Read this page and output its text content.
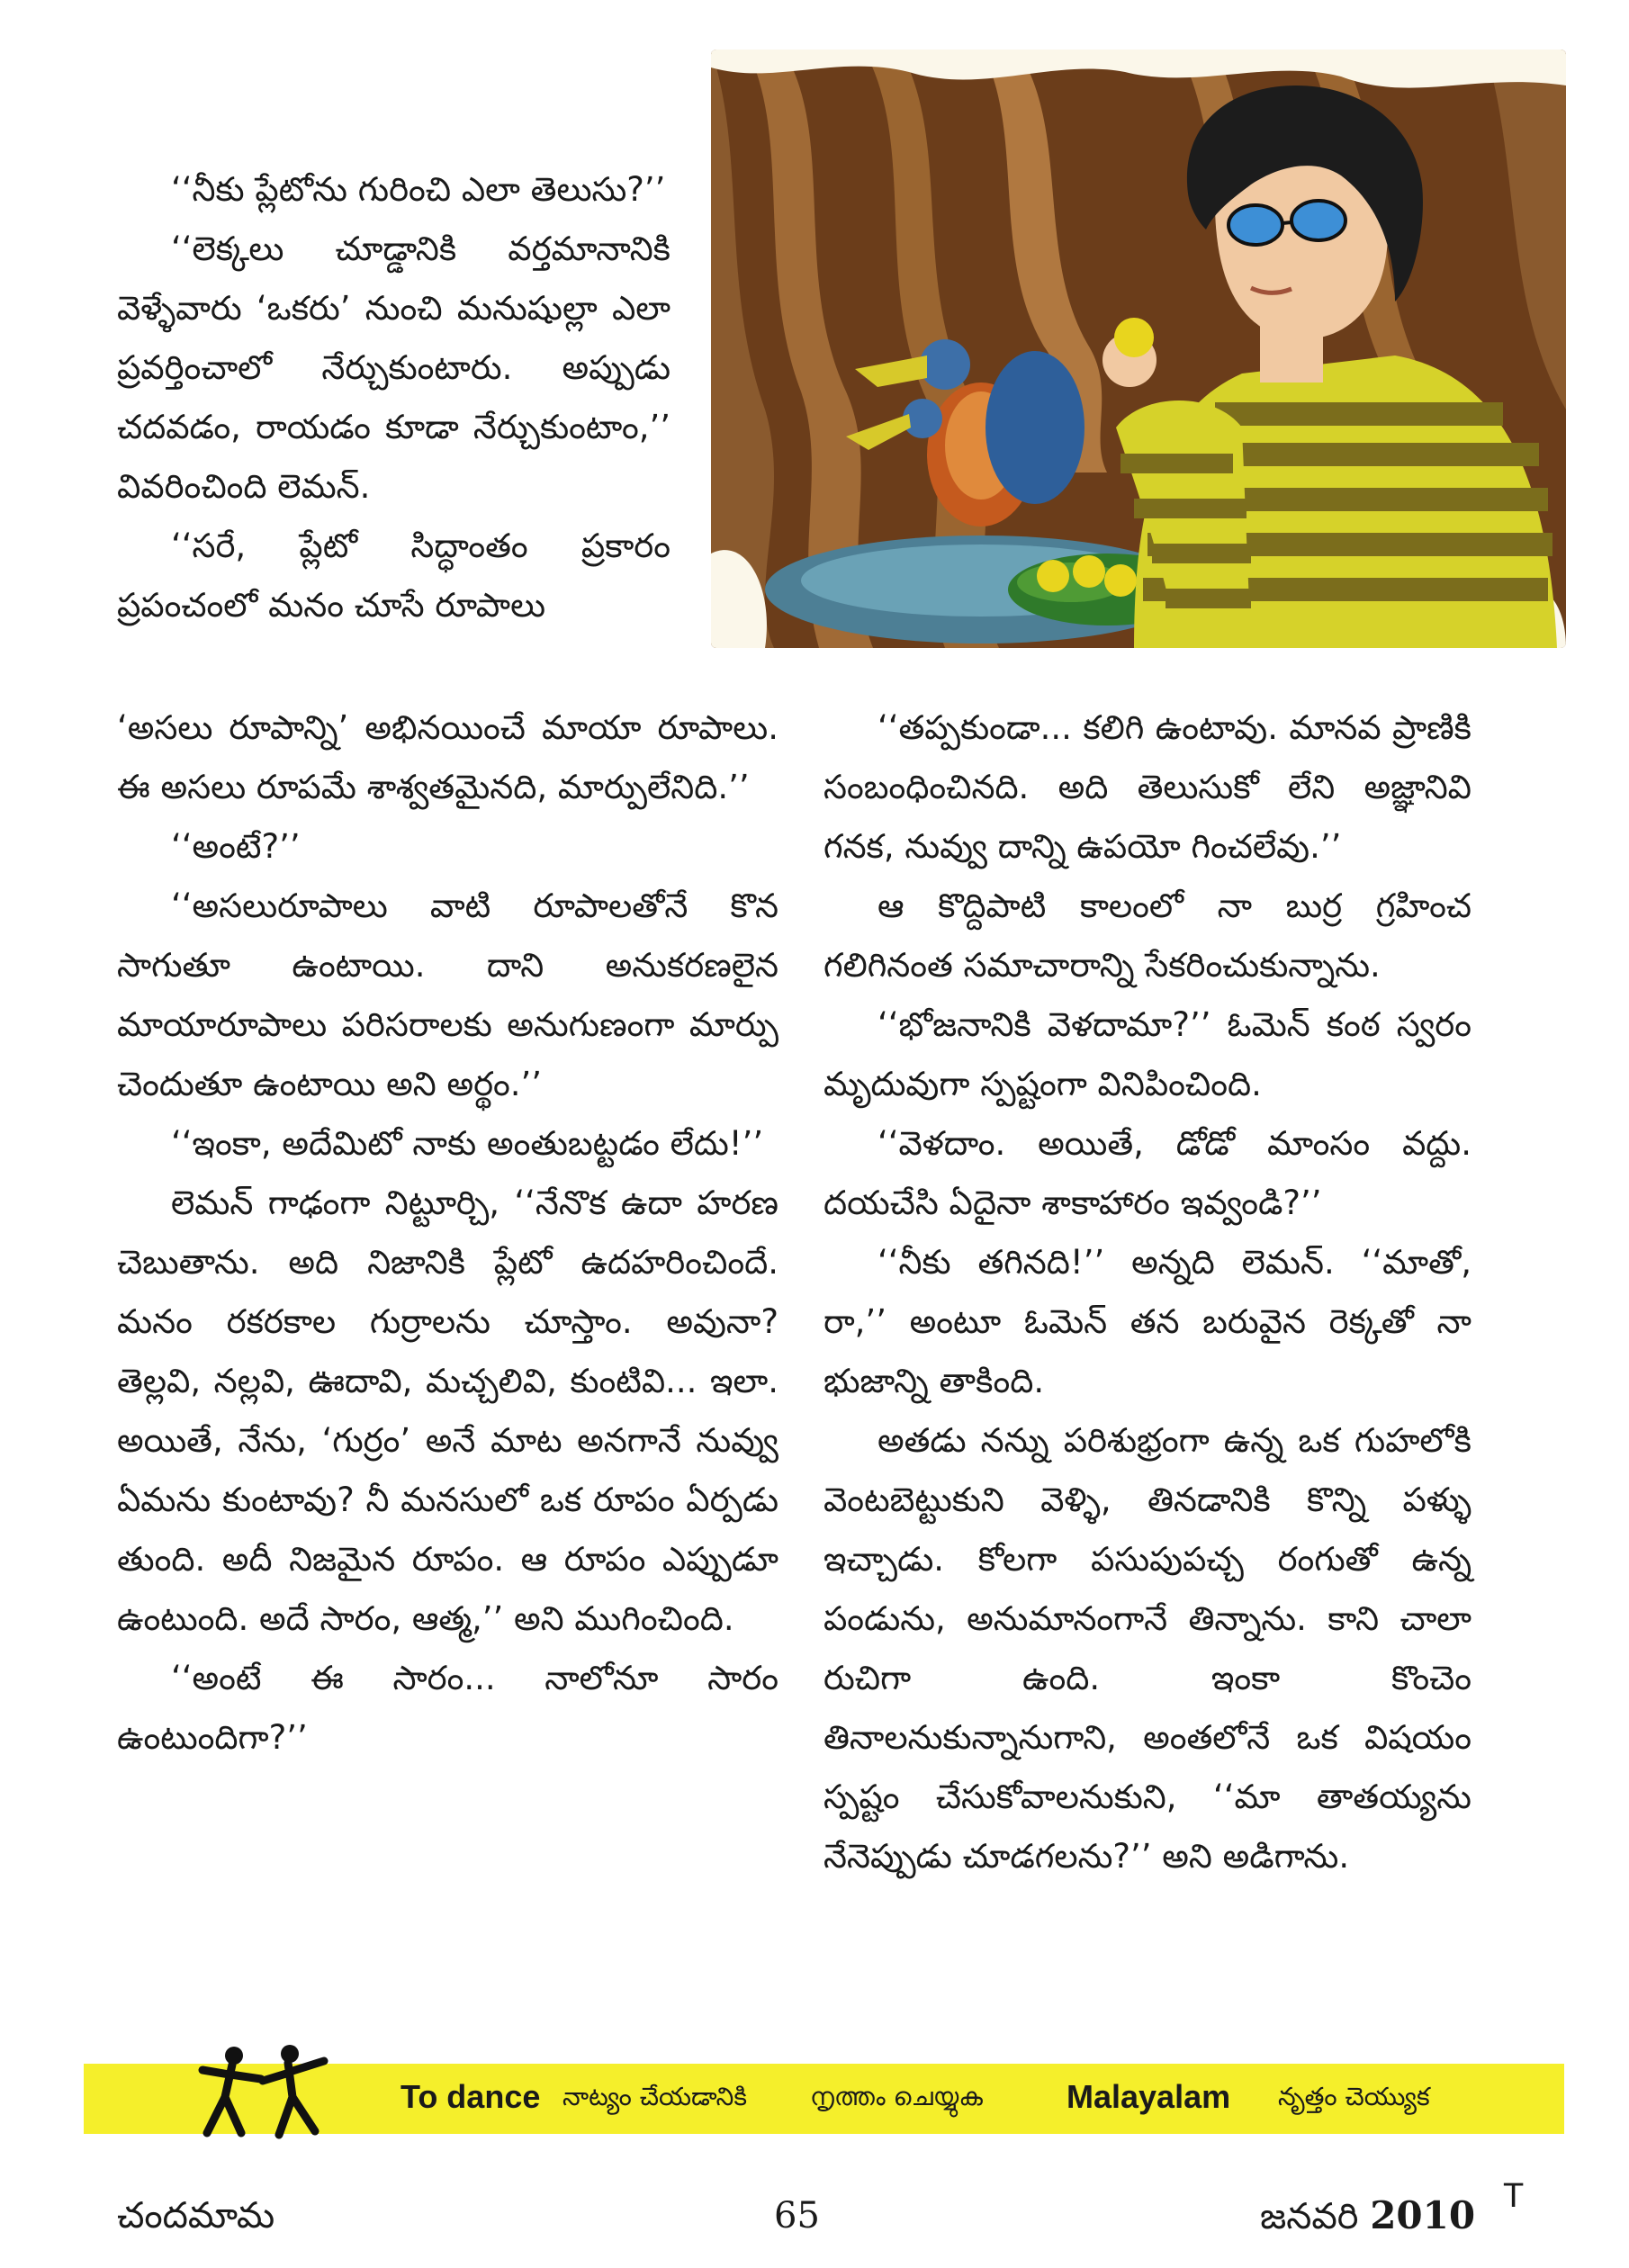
‘‘నీకు ప్లేటోను గురించి ఎలా తెలుసు?’’

‘‘లెక్కలు చూడ్డానికి వర్తమానానికి వెళ్ళేవారు ‘ఒకరు’ నుంచి మనుషుల్లా ఎలా ప్రవర్తించాలో నేర్చుకుంటారు. అప్పుడు చదవడం, రాయడం కూడా నేర్చుకుంటాం,’’ వివరించింది లెమన్.

‘‘సరే, ప్లేటో సిద్ధాంతం ప్రకారం ప్రపంచంలో మనం చూసే రూపాలు

‘అసలు రూపాన్ని’ అభినయించే మాయా రూపాలు. ఈ అసలు రూపమే శాశ్వతమైనది, మార్పులేనిది.’’

‘‘అంటే?’’

‘‘అసలురూపాలు వాటి రూపాలతోనే కొన సాగుతూ ఉంటాయి. దాని అనుకరణలైన మాయారూపాలు పరిసరాలకు అనుగుణంగా మార్పు చెందుతూ ఉంటాయి అని అర్థం.’’

‘‘ఇంకా, అదేమిటో నాకు అంతుబట్టడం లేదు!’’

లెమన్ గాఢంగా నిట్టూర్చి, ‘‘నేనొక ఉదా హరణ చెబుతాను. అది నిజానికి ప్లేటో ఉదహరించిందే. మనం రకరకాల గుర్రాలను చూస్తాం. అవునా? తెల్లవి, నల్లవి, ఊదావి, మచ్చలివి, కుంటివి... ఇలా. అయితే, నేను, ‘గుర్రం’ అనే మాట అనగానే నువ్వు ఏమను కుంటావు? నీ మనసులో ఒక రూపం ఏర్పడు తుంది. అదీ నిజమైన రూపం. ఆ రూపం ఎప్పుడూ ఉంటుంది. అదే సారం, ఆత్మ,’’ అని ముగించింది.

‘‘అంటే ఈ సారం... నాలోనూ సారం ఉంటుందిగా?’’

‘‘తప్పకుండా... కలిగి ఉంటావు. మానవ ప్రాణికి సంబంధించినది. అది తెలుసుకో లేని అజ్ఞానివి గనక, నువ్వు దాన్ని ఉపయో గించలేవు.’’

ఆ కొద్దిపాటి కాలంలో నా బుర్ర గ్రహించ గలిగినంత సమాచారాన్ని సేకరించుకున్నాను.

‘‘భోజనానికి వెళదామా?’’ ఓమెన్ కంఠ స్వరం మృదువుగా స్పష్టంగా వినిపించింది.

‘‘వెళదాం. అయితే, డోడో మాంసం వద్దు. దయచేసి ఏదైనా శాకాహారం ఇవ్వండి?’’

‘‘నీకు తగినది!’’ అన్నది లెమన్. ‘‘మాతో, రా,’’ అంటూ ఓమెన్ తన బరువైన రెక్కతో నా భుజాన్ని తాకింది.

అతడు నన్ను పరిశుభ్రంగా ఉన్న ఒక గుహలోకి వెంటబెట్టుకుని వెళ్ళి, తినడానికి కొన్ని పళ్ళు ఇచ్చాడు. కోలగా పసుపుపచ్చ రంగుతో ఉన్న పండును, అనుమానంగానే తిన్నాను. కాని చాలా రుచిగా ఉంది. ఇంకా కొంచెం తినాలనుకున్నానుగాని, అంతలోనే ఒక విషయం స్పష్టం చేసుకోవాలనుకుని, ‘‘మా తాతయ్యను నేనెప్పుడు చూడగలను?’’ అని అడిగాను.

To dance నాట్యం చేయడానికి	നൃത്തം ചെയ്യുക	Malayalam నృత్తం చెయ్యుక
చందమామ	65	జనవరి 2010 T
